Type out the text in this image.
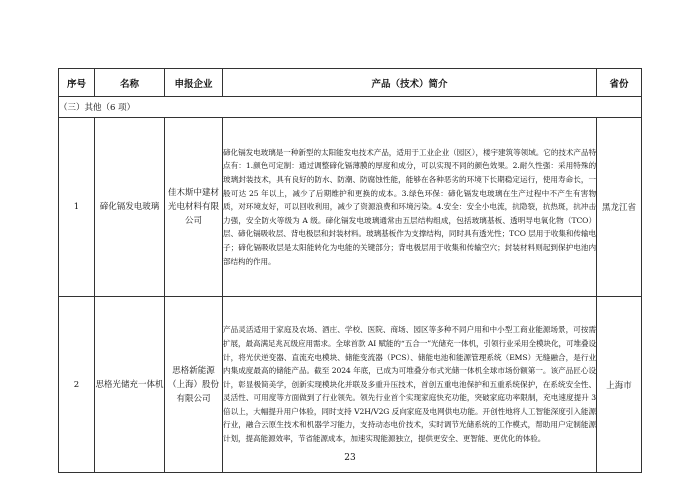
序号	名称	申报企业	产品（技术）简介	省份
（三）其他（6 项）				
1	碲化镉发电玻璃	佳木斯中建材光电材料有限公司	碲化镉发电玻璃是一种新型的太阳能发电技术产品，适用于工业企业（园区），楼宇建筑等领域。它的技术产品特点有：1.颜色可定制：通过调整碲化镉薄膜的厚度和成分，可以实现不同的颜色效果。2.耐久性强：采用特殊的玻璃封装技术，具有良好的防水、防潮、防腐蚀性能，能够在各种恶劣的环境下长期稳定运行，使用寿命长，一般可达 25 年以上，减少了后期维护和更换的成本。3.绿色环保：碲化镉发电玻璃在生产过程中不产生有害物质，对环境友好，可以回收利用，减少了资源浪费和环境污染。4.安全：安全小电流，抗隐裂，抗热斑，抗冲击力强，安全防火等级为 A 级。碲化镉发电玻璃通常由五层结构组成，包括玻璃基板、透明导电氧化物（TCO）层、碲化镉吸收层、背电极层和封装材料。玻璃基板作为支撑结构，同时具有透光性；TCO 层用于收集和传输电子；碲化镉吸收层是太阳能转化为电能的关键部分；背电极层用于收集和传输空穴；封装材料则起到保护电池内部结构的作用。	黑龙江省
2	思格光储充一体机	思格新能源（上海）股份有限公司	产品灵活适用于家庭及农场、酒庄、学校、医院、商场、园区等多种不同户用和中小型工商业能源场景，可按需扩展，最高满足兆瓦级应用需求。全球首款 AI 赋能的“五合一”光储充一体机，引领行业采用全模块化，可堆叠设计，将光伏逆变器、直流充电模块、储能变流器（PCS）、储能电池和能源管理系统（EMS）无缝融合，是行业内集成度最高的储能产品。截至 2024 年底，已成为可堆叠分布式光储一体机全球市场份额第一。该产品匠心设计，彰显极简美学，创新实现模块化并联及多重升压技术，首创五重电池保护和五重系统保护，在系统安全性、灵活性、可用度等方面做到了行业领先。领先行业首个实现家庭快充功能，突破家庭功率限制，充电速度提升 3 倍以上，大幅提升用户体验，同时支持 V2H/V2G 反向家庭及电网供电功能。开创性地将人工智能深度引入能源行业，融合云原生技术和机器学习能力，支持动态电价技术，实时调节光储系统的工作模式，帮助用户定制能源计划，提高能源效率，节省能源成本，加速实现能源独立，提供更安全、更智能、更优化的体验。	上海市
23
